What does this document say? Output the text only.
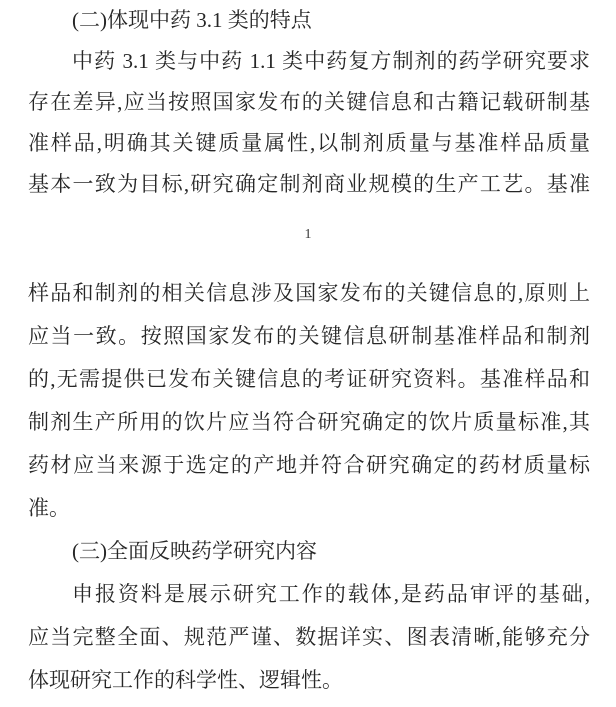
(二)体现中药 3.1 类的特点
中药 3.1 类与中药 1.1 类中药复方制剂的药学研究要求
存在差异,应当按照国家发布的关键信息和古籍记载研制基
准样品,明确其关键质量属性,以制剂质量与基准样品质量
基本一致为目标,研究确定制剂商业规模的生产工艺。基准
1
样品和制剂的相关信息涉及国家发布的关键信息的,原则上
应当一致。按照国家发布的关键信息研制基准样品和制剂
的,无需提供已发布关键信息的考证研究资料。基准样品和
制剂生产所用的饮片应当符合研究确定的饮片质量标准,其
药材应当来源于选定的产地并符合研究确定的药材质量标
准。
(三)全面反映药学研究内容
申报资料是展示研究工作的载体,是药品审评的基础,
应当完整全面、规范严谨、数据详实、图表清晰,能够充分
体现研究工作的科学性、逻辑性。
